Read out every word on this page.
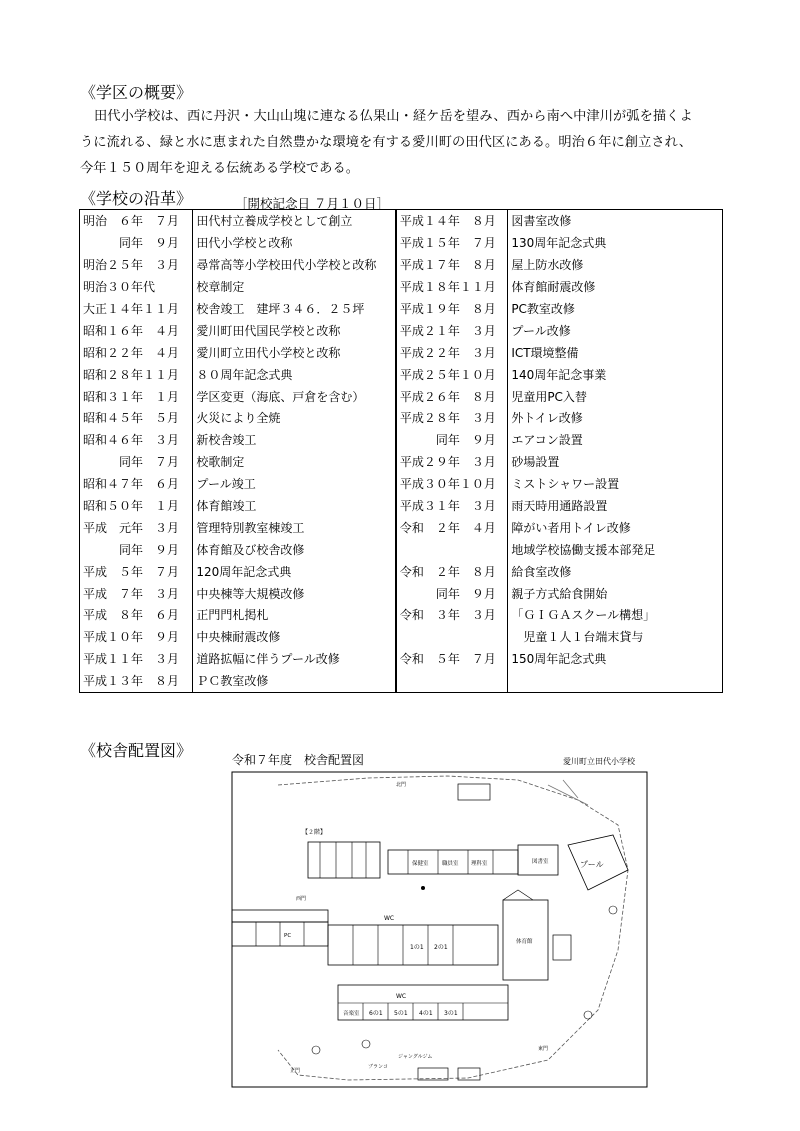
《学区の概要》
田代小学校は、西に丹沢・大山山塊に連なる仏果山・経ケ岳を望み、西から南へ中津川が弧を描くよ
うに流れる、緑と水に恵まれた自然豊かな環境を有する愛川町の田代区にある。明治６年に創立され、
今年１５０周年を迎える伝統ある学校である。
《学校の沿革》	［開校記念日 ７月１０日］
明治　６年　７月	田代村立養成学校として創立	平成１４年　８月	図書室改修
　　　同年　９月	田代小学校と改称	平成１５年　７月	130周年記念式典
明治２５年　３月	尋常高等小学校田代小学校と改称	平成１７年　８月	屋上防水改修
明治３０年代	校章制定	平成１８年１１月	体育館耐震改修
大正１４年１１月	校舎竣工　建坪３４６．２５坪	平成１９年　８月	PC教室改修
昭和１６年　４月	愛川町田代国民学校と改称	平成２１年　３月	プール改修
昭和２２年　４月	愛川町立田代小学校と改称	平成２２年　３月	ICT環境整備
昭和２８年１１月	８０周年記念式典	平成２５年１０月	140周年記念事業
昭和３１年　１月	学区変更（海底、戸倉を含む）	平成２６年　８月	児童用PC入替
昭和４５年　５月	火災により全焼	平成２８年　３月	外トイレ改修
昭和４６年　３月	新校舎竣工	　　　同年　９月	エアコン設置
　　　同年　７月	校歌制定	平成２９年　３月	砂場設置
昭和４７年　６月	プール竣工	平成３０年１０月	ミストシャワー設置
昭和５０年　１月	体育館竣工	平成３１年　３月	雨天時用通路設置
平成　元年　３月	管理特別教室棟竣工	令和　２年　４月	障がい者用トイレ改修
　　　同年　９月	体育館及び校舎改修		地域学校協働支援本部発足
平成　５年　７月	120周年記念式典	令和　２年　８月	給食室改修
平成　７年　３月	中央棟等大規模改修	　　　同年　９月	親子方式給食開始
平成　８年　６月	正門門札掲札	令和　３年　３月	「ＧＩＧＡスクール構想」
平成１０年　９月	中央棟耐震改修		　児童１人１台端末貸与
平成１１年　３月	道路拡幅に伴うプール改修	令和　５年　７月	150周年記念式典
平成１３年　８月	ＰＣ教室改修		
《校舎配置図》	令和７年度　校舎配置図	愛川町立田代小学校
【２階】
保健室	理科室
職員室	図書室	プール
体育館
PC
1の1 2の1
WC
音楽室 6の1 5の1 4の1 3の1
WC
正門
西門
北門
東門
ブランコ
ジャングルジム
